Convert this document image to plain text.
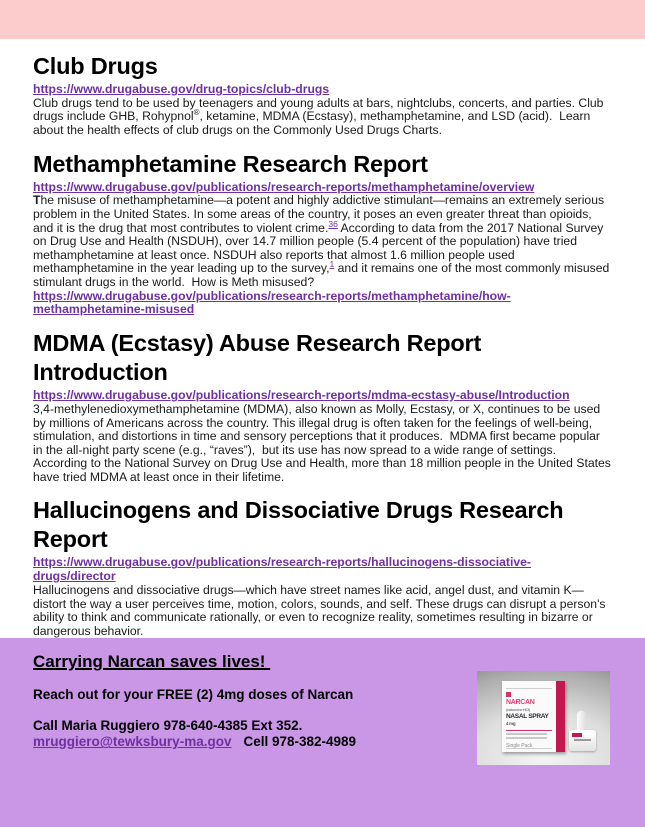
Club Drugs
https://www.drugabuse.gov/drug-topics/club-drugs

Club drugs tend to be used by teenagers and young adults at bars, nightclubs, concerts, and parties. Club drugs include GHB, Rohypnol®, ketamine, MDMA (Ecstasy), methamphetamine, and LSD (acid).  Learn about the health effects of club drugs on the Commonly Used Drugs Charts.

Methamphetamine Research Report
https://www.drugabuse.gov/publications/research-reports/methamphetamine/overview

The misuse of methamphetamine—a potent and highly addictive stimulant—remains an extremely serious problem in the United States. In some areas of the country, it poses an even greater threat than opioids, and it is the drug that most contributes to violent crime.$^{36}$ According to data from the 2017 National Survey on Drug Use and Health (NSDUH), over 14.7 million people (5.4 percent of the population) have tried methamphetamine at least once. NSDUH also reports that almost 1.6 million people used methamphetamine in the year leading up to the survey,$^1$ and it remains one of the most commonly misused stimulant drugs in the world.  How is Meth misused?

https://www.drugabuse.gov/publications/research-reports/methamphetamine/how-methamphetamine-misused
MDMA (Ecstasy) Abuse Research Report Introduction
https://www.drugabuse.gov/publications/research-reports/mdma-ecstasy-abuse/Introduction

3,4-methylenedioxymethamphetamine (MDMA), also known as Molly, Ecstasy, or X, continues to be used by millions of Americans across the country. This illegal drug is often taken for the feelings of well-being, stimulation, and distortions in time and sensory perceptions that it produces.  MDMA first became popular in the all-night party scene (e.g., “raves”),  but its use has now spread to a wide range of settings. According to the National Survey on Drug Use and Health, more than 18 million people in the United States have tried MDMA at least once in their lifetime.

Hallucinogens and Dissociative Drugs Research Report
https://www.drugabuse.gov/publications/research-reports/hallucinogens-dissociative-drugs/director

Hallucinogens and dissociative drugs—which have street names like acid, angel dust, and vitamin K—distort the way a user perceives time, motion, colors, sounds, and self. These drugs can disrupt a person's ability to think and communicate rationally, or even to recognize reality, sometimes resulting in bizarre or dangerous behavior.

Carrying Narcan saves lives!

Reach out for your FREE (2) 4mg doses of Narcan

Call Maria Ruggiero 978-640-4385 Ext 352.

mruggiero@tewksbury-ma.gov Cell 978-382-4989

NARCAN (naloxone HCl)
NASAL SPRAY 4 mg
Single Pack
